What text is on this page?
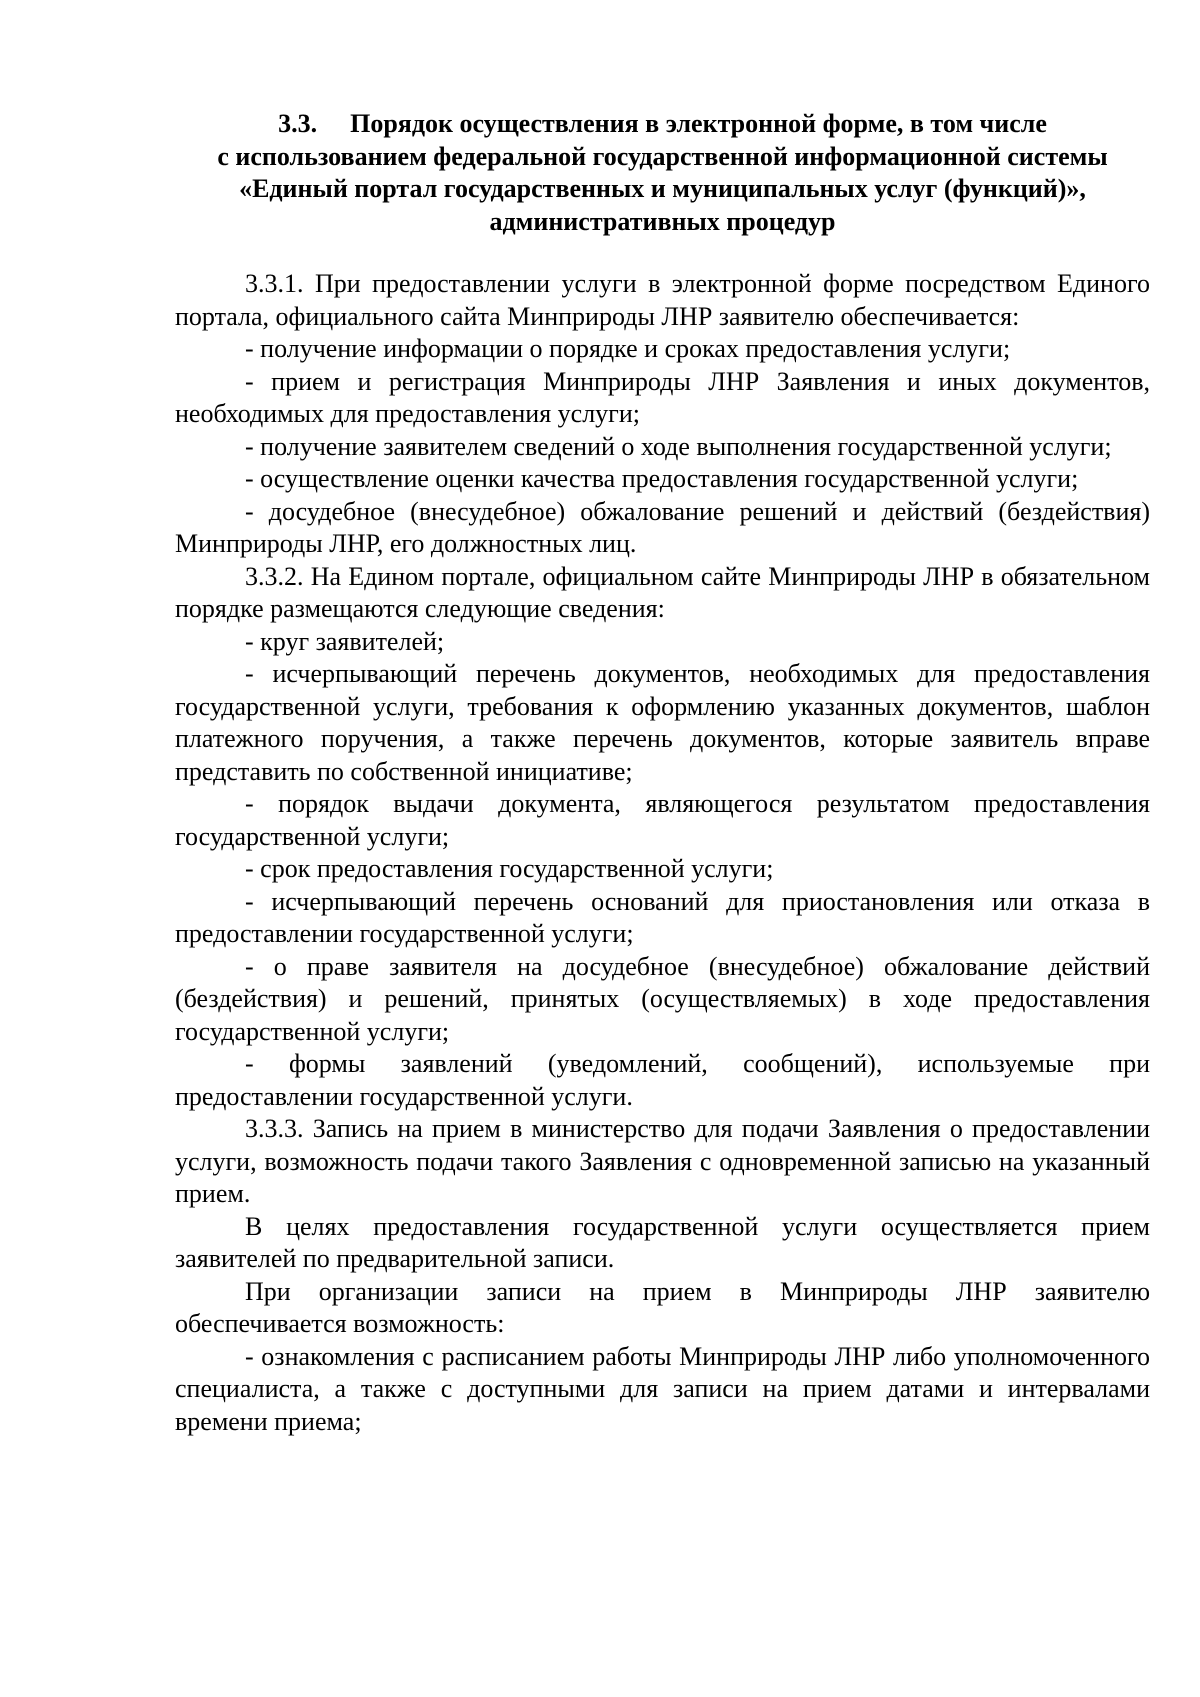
3.3. Порядок осуществления в электронной форме, в том числе
с использованием федеральной государственной информационной системы
«Единый портал государственных и муниципальных услуг (функций)»,
административных процедур

3.3.1. При предоставлении услуги в электронной форме посредством Единого портала, официального сайта Минприроды ЛНР заявителю обеспечивается:

- получение информации о порядке и сроках предоставления услуги;

- прием и регистрация Минприроды ЛНР Заявления и иных документов, необходимых для предоставления услуги;

- получение заявителем сведений о ходе выполнения государственной услуги;

- осуществление оценки качества предоставления государственной услуги;

- досудебное (внесудебное) обжалование решений и действий (бездействия) Минприроды ЛНР, его должностных лиц.

3.3.2. На Едином портале, официальном сайте Минприроды ЛНР в обязательном порядке размещаются следующие сведения:

- круг заявителей;

- исчерпывающий перечень документов, необходимых для предоставления государственной услуги, требования к оформлению указанных документов, шаблон платежного поручения, а также перечень документов, которые заявитель вправе представить по собственной инициативе;

- порядок выдачи документа, являющегося результатом предоставления государственной услуги;

- срок предоставления государственной услуги;

- исчерпывающий перечень оснований для приостановления или отказа в предоставлении государственной услуги;

- о праве заявителя на досудебное (внесудебное) обжалование действий (бездействия) и решений, принятых (осуществляемых) в ходе предоставления государственной услуги;

- формы заявлений (уведомлений, сообщений), используемые при предоставлении государственной услуги.

3.3.3. Запись на прием в министерство для подачи Заявления о предоставлении услуги, возможность подачи такого Заявления с одновременной записью на указанный прием.

В целях предоставления государственной услуги осуществляется прием заявителей по предварительной записи.

При организации записи на прием в Минприроды ЛНР заявителю обеспечивается возможность:

- ознакомления с расписанием работы Минприроды ЛНР либо уполномоченного специалиста, а также с доступными для записи на прием датами и интервалами времени приема;
